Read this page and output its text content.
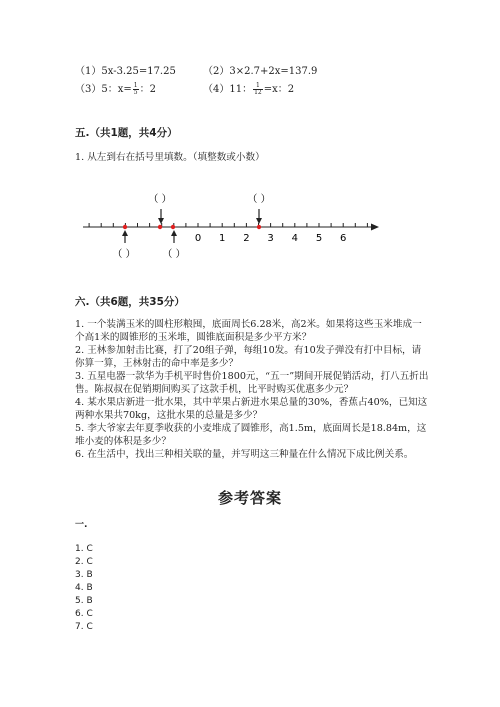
（1）5x-3.25=17.25	（2）3×2.7+2x=137.9
（3）5：$x= \frac{1}{5}$ ：2	（4）11： $\frac{1}{12} =x$：2
五.（共1题，共4分）
1. 从左到右在括号里填数。（填整数或小数）
0 1 2 3 4 5 6
（ ）	（ ）
（ ）	（ ）
六.（共6题，共35分）
1. 一个装满玉米的圆柱形粮囤，底面周长6.28米，高2米。如果将这些玉米堆成一个高1米的圆锥形的玉米堆，圆锥底面积是多少平方米？
2. 王林参加射击比赛，打了20组子弹，每组10发。有10发子弹没有打中目标，请你算一算，王林射击的命中率是多少？
3. 五星电器一款华为手机平时售价1800元，“五一”期间开展促销活动，打八五折出售。陈叔叔在促销期间购买了这款手机，比平时购买优惠多少元？
4. 某水果店新进一批水果，其中苹果占新进水果总量的30%，香蕉占40%，已知这两种水果共70kg，这批水果的总量是多少？
5. 李大爷家去年夏季收获的小麦堆成了圆锥形，高1.5m，底面周长是18.84m，这堆小麦的体积是多少？
6. 在生活中，找出三种相关联的量，并写明这三种量在什么情况下成比例关系。
参考答案
一.
1. C
2. C
3. B
4. B
5. B
6. C
7. C
